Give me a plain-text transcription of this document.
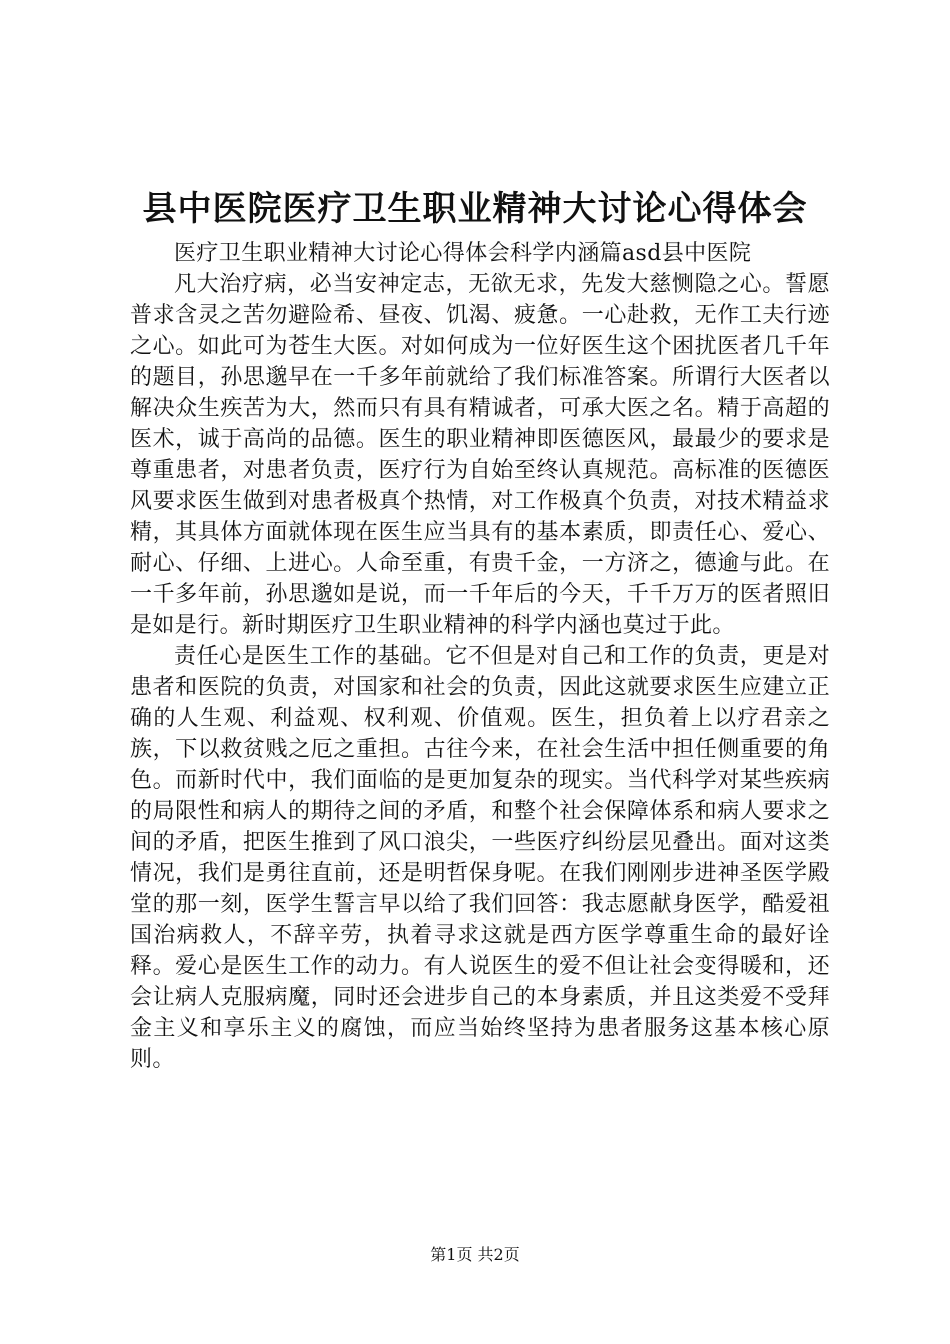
县中医院医疗卫生职业精神大讨论心得体会

医疗卫生职业精神大讨论心得体会科学内涵篇asd县中医院

凡大治疗病，必当安神定志，无欲无求，先发大慈恻隐之心。誓愿普求含灵之苦勿避险希、昼夜、饥渴、疲惫。一心赴救，无作工夫行迹之心。如此可为苍生大医。对如何成为一位好医生这个困扰医者几千年的题目，孙思邈早在一千多年前就给了我们标准答案。所谓行大医者以解决众生疾苦为大，然而只有具有精诚者，可承大医之名。精于高超的医术，诚于高尚的品德。医生的职业精神即医德医风，最最少的要求是尊重患者，对患者负责，医疗行为自始至终认真规范。高标准的医德医风要求医生做到对患者极真个热情，对工作极真个负责，对技术精益求精，其具体方面就体现在医生应当具有的基本素质，即责任心、爱心、耐心、仔细、上进心。人命至重，有贵千金，一方济之，德逾与此。在一千多年前，孙思邈如是说，而一千年后的今天，千千万万的医者照旧是如是行。新时期医疗卫生职业精神的科学内涵也莫过于此。

责任心是医生工作的基础。它不但是对自己和工作的负责，更是对患者和医院的负责，对国家和社会的负责，因此这就要求医生应建立正确的人生观、利益观、权利观、价值观。医生，担负着上以疗君亲之族，下以救贫贱之厄之重担。古往今来，在社会生活中担任侧重要的角色。而新时代中，我们面临的是更加复杂的现实。当代科学对某些疾病的局限性和病人的期待之间的矛盾，和整个社会保障体系和病人要求之间的矛盾，把医生推到了风口浪尖，一些医疗纠纷层见叠出。面对这类情况，我们是勇往直前，还是明哲保身呢。在我们刚刚步进神圣医学殿堂的那一刻，医学生誓言早以给了我们回答：我志愿献身医学，酷爱祖国治病救人，不辞辛劳，执着寻求这就是西方医学尊重生命的最好诠释。爱心是医生工作的动力。有人说医生的爱不但让社会变得暖和，还会让病人克服病魔，同时还会进步自己的本身素质，并且这类爱不受拜金主义和享乐主义的腐蚀，而应当始终坚持为患者服务这基本核心原则。

第1页 共2页
